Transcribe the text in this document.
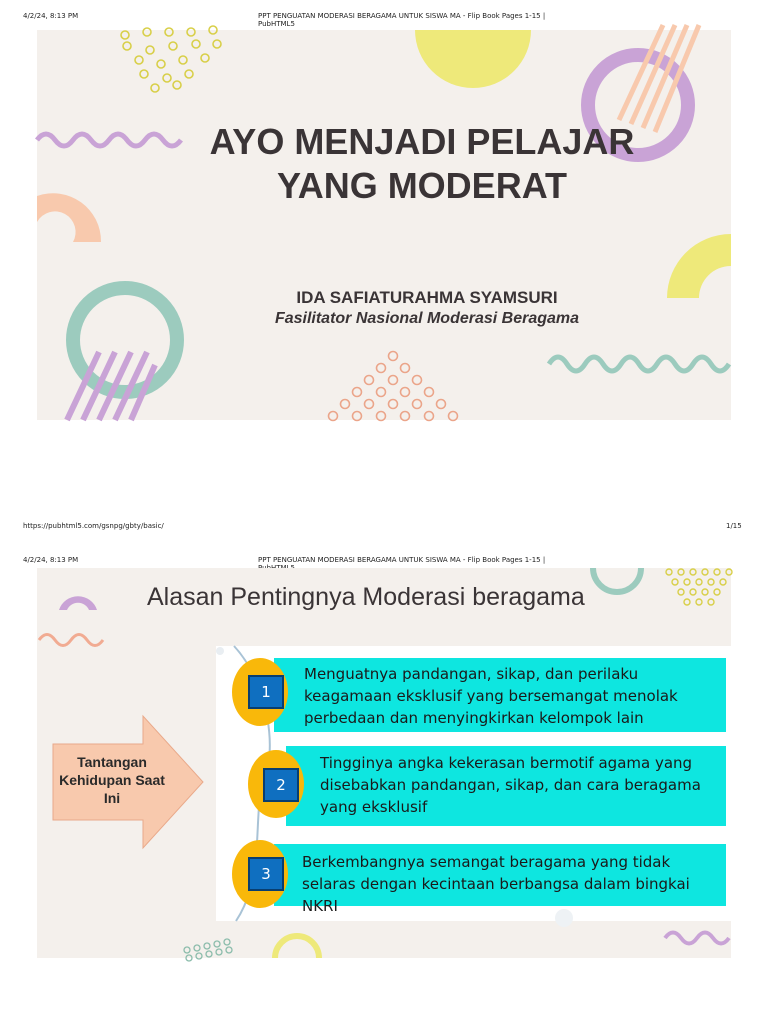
4/2/24, 8:13 PM	PPT PENGUATAN MODERASI BERAGAMA UNTUK SISWA MA - Flip Book Pages 1-15 | PubHTML5
AYO MENJADI PELAJAR YANG MODERAT
IDA SAFIATURAHMA SYAMSURI
Fasilitator Nasional Moderasi Beragama
https://pubhtml5.com/gsnpg/gbty/basic/	1/15
4/2/24, 8:13 PM	PPT PENGUATAN MODERASI BERAGAMA UNTUK SISWA MA - Flip Book Pages 1-15 |
Alasan Pentingnya Moderasi beragama
Tantangan Kehidupan Saat Ini
Menguatnya pandangan, sikap, dan perilaku keagamaan eksklusif yang bersemangat menolak perbedaan dan menyingkirkan kelompok lain
1
Tingginya angka kekerasan bermotif agama yang disebabkan pandangan, sikap, dan cara beragama yang eksklusif
2
Berkembangnya semangat beragama yang tidak selaras dengan kecintaan berbangsa dalam bingkai NKRI
3
